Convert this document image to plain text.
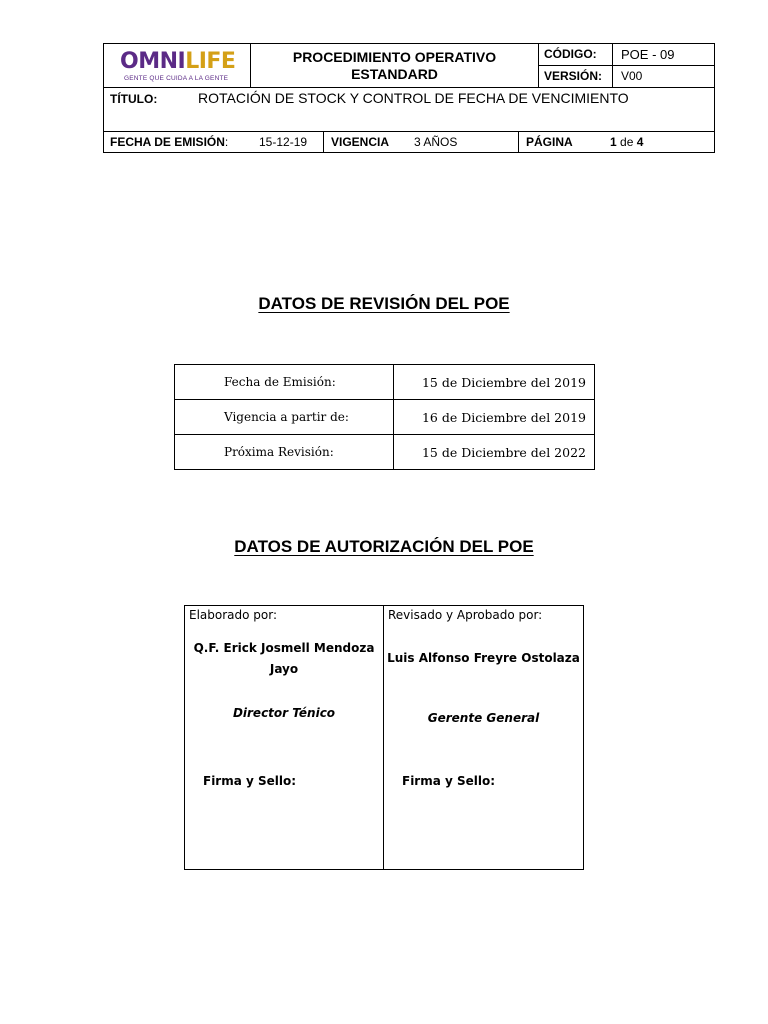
OMNILIFE
GENTE QUE CUIDA A LA GENTE
PROCEDIMIENTO OPERATIVO
ESTANDARD
CÓDIGO: POE - 09
VERSIÓN: V00
TÍTULO:	ROTACIÓN DE STOCK Y CONTROL DE FECHA DE VENCIMIENTO
FECHA DE EMISIÓN:	15-12-19 VIGENCIA 3 AÑOS	PÁGINA	1 de 4
DATOS DE REVISIÓN DEL POE
Fecha de Emisión:	15 de Diciembre del 2019
Vigencia a partir de:	16 de Diciembre del 2019
Próxima Revisión:	15 de Diciembre del 2022
DATOS DE AUTORIZACIÓN DEL POE
Elaborado por:
Q.F. Erick Josmell Mendoza
Jayo
Director Ténico
Firma y Sello:
Revisado y Aprobado por:
Luis Alfonso Freyre Ostolaza
Gerente General
Firma y Sello:
